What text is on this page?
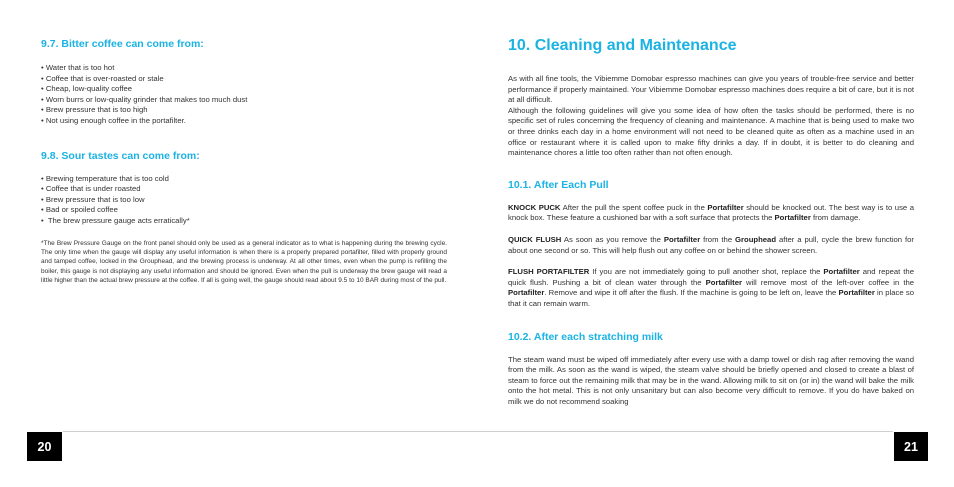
9.7. Bitter coffee can come from:
• Water that is too hot
• Coffee that is over-roasted or stale
• Cheap, low-quality coffee
• Worn burrs or low-quality grinder that makes too much dust
• Brew pressure that is too high
• Not using enough coffee in the portafilter.
9.8. Sour tastes can come from:
• Brewing temperature that is too cold
• Coffee that is under roasted
• Brew pressure that is too low
• Bad or spoiled coffee
•  The brew pressure gauge acts erratically*

*The Brew Pressure Gauge on the front panel should only be used as a general indicator as to what is happening during the brewing cycle. The only time when the gauge will display any useful information is when there is a properly prepared portafilter, filled with properly ground and tamped coffee, locked in the Grouphead, and the brewing process is underway. At all other times, even when the pump is refilling the boiler, this gauge is not displaying any useful information and should be ignored. Even when the pull is underway the brew gauge will read a little higher than the actual brew pressure at the coffee. If all is going well, the gauge should read about 9.5 to 10 BAR during most of the pull.

10. Cleaning and Maintenance

As with all fine tools, the Vibiemme Domobar espresso machines can give you years of trouble-free service and better performance if properly maintained. Your Vibiemme Domobar espresso machines does require a bit of care, but it is not at all difficult.

Although the following guidelines will give you some idea of how often the tasks should be performed, there is no specific set of rules concerning the frequency of cleaning and maintenance. A machine that is being used to make two or three drinks each day in a home environment will not need to be cleaned quite as often as a machine used in an office or restaurant where it is called upon to make fifty drinks a day. If in doubt, it is better to do cleaning and maintenance chores a little too often rather than not often enough.

10.1. After Each Pull

KNOCK PUCK After the pull the spent coffee puck in the Portafilter should be knocked out. The best way is to use a knock box. These feature a cushioned bar with a soft surface that protects the Portafilter from damage.

QUICK FLUSH As soon as you remove the Portafilter from the Grouphead after a pull, cycle the brew function for about one second or so. This will help flush out any coffee on or behind the shower screen.

FLUSH PORTAFILTER If you are not immediately going to pull another shot, replace the Portafilter and repeat the quick flush. Pushing a bit of clean water through the Portafilter will remove most of the left-over coffee in the Portafilter. Remove and wipe it off after the flush. If the machine is going to be left on, leave the Portafilter in place so that it can remain warm.

10.2. After each stratching milk

The steam wand must be wiped off immediately after every use with a damp towel or dish rag after removing the wand from the milk. As soon as the wand is wiped, the steam valve should be briefly opened and closed to create a blast of steam to force out the remaining milk that may be in the wand. Allowing milk to sit on (or in) the wand will bake the milk onto the hot metal. This is not only unsanitary but can also become very difficult to remove. If you do have baked on milk we do not recommend soaking

20	21
